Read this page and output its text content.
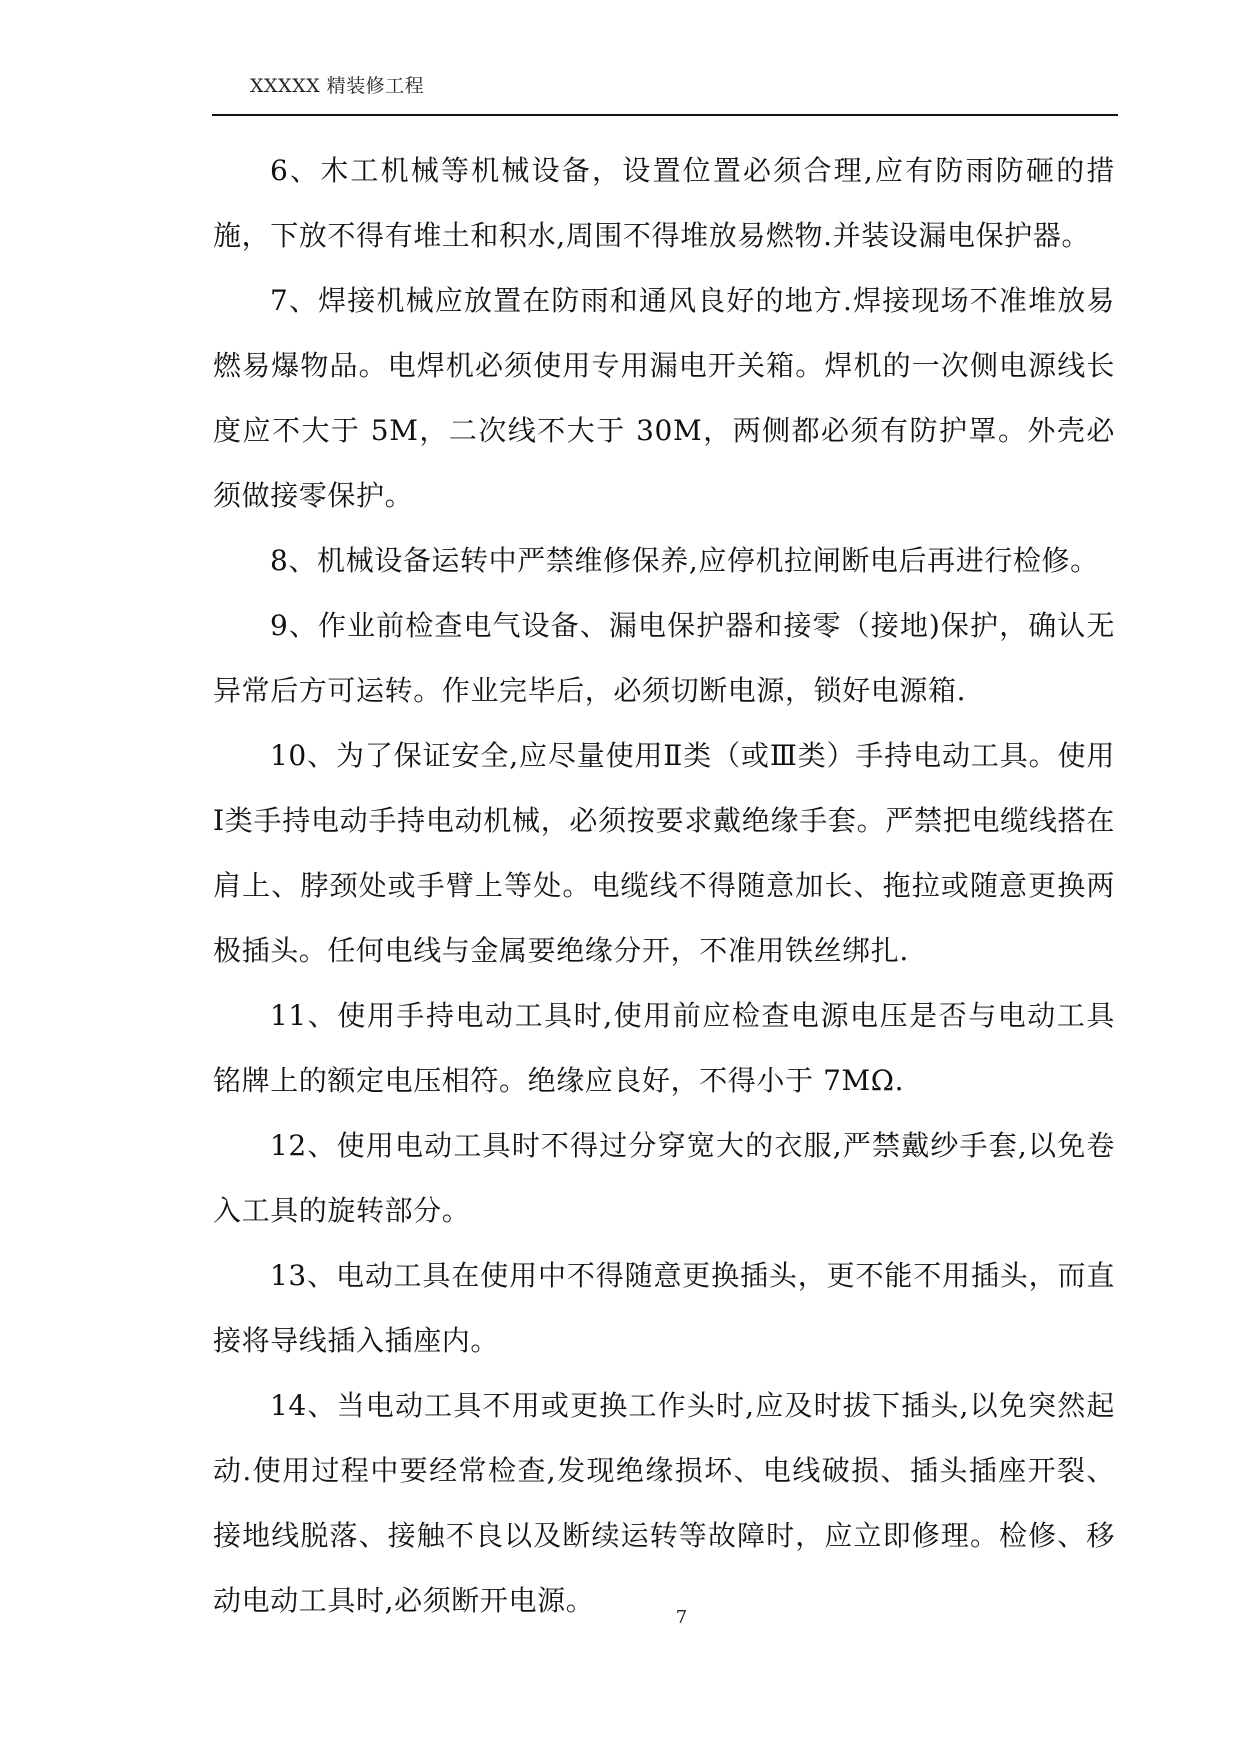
XXXXX 精装修工程

6、木工机械等机械设备，设置位置必须合理,应有防雨防砸的措施，下放不得有堆土和积水,周围不得堆放易燃物.并装设漏电保护器。

7、焊接机械应放置在防雨和通风良好的地方.焊接现场不准堆放易燃易爆物品。电焊机必须使用专用漏电开关箱。焊机的一次侧电源线长度应不大于 5M，二次线不大于 30M，两侧都必须有防护罩。外壳必须做接零保护。

8、机械设备运转中严禁维修保养,应停机拉闸断电后再进行检修。

9、作业前检查电气设备、漏电保护器和接零（接地)保护，确认无异常后方可运转。作业完毕后，必须切断电源，锁好电源箱.

10、为了保证安全,应尽量使用Ⅱ类（或Ⅲ类）手持电动工具。使用Ⅰ类手持电动手持电动机械，必须按要求戴绝缘手套。严禁把电缆线搭在肩上、脖颈处或手臂上等处。电缆线不得随意加长、拖拉或随意更换两极插头。任何电线与金属要绝缘分开，不准用铁丝绑扎.

11、使用手持电动工具时,使用前应检查电源电压是否与电动工具铭牌上的额定电压相符。绝缘应良好，不得小于 7MΩ.

12、使用电动工具时不得过分穿宽大的衣服,严禁戴纱手套,以免卷入工具的旋转部分。

13、电动工具在使用中不得随意更换插头，更不能不用插头，而直接将导线插入插座内。

14、当电动工具不用或更换工作头时,应及时拔下插头,以免突然起动.使用过程中要经常检查,发现绝缘损坏、电线破损、插头插座开裂、接地线脱落、接触不良以及断续运转等故障时，应立即修理。检修、移动电动工具时,必须断开电源。

7
